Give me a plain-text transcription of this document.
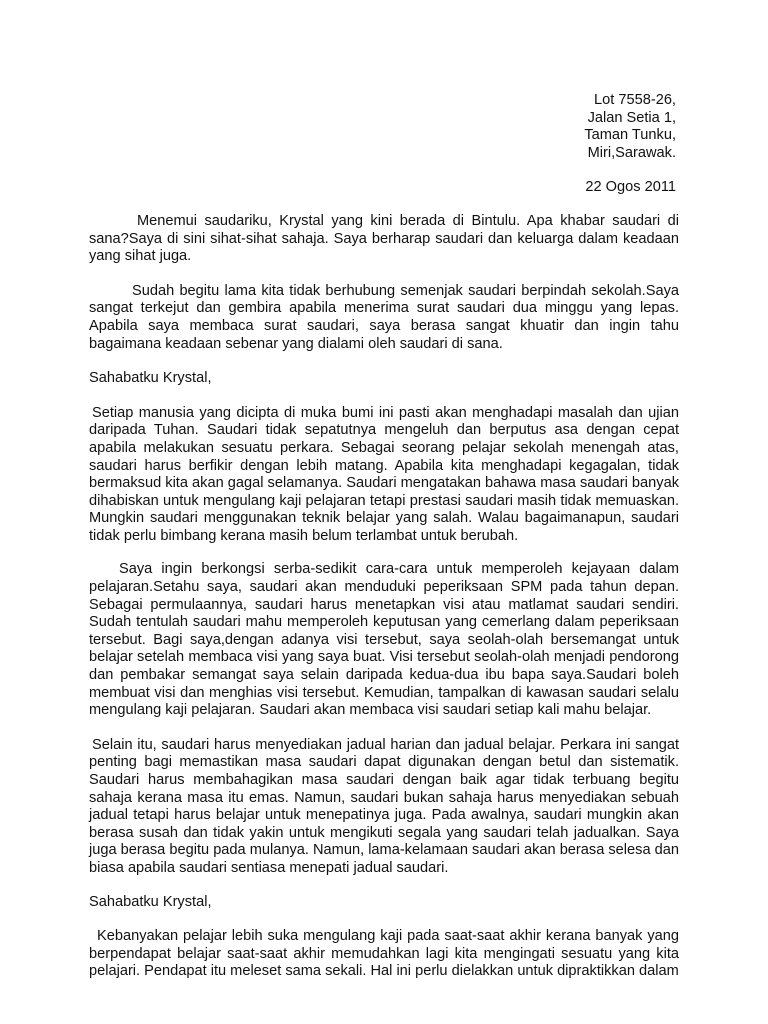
Lot 7558-26,
Jalan Setia 1,
Taman Tunku,
Miri,Sarawak.
22 Ogos 2011

Menemui saudariku, Krystal yang kini berada di Bintulu. Apa khabar saudari di sana?Saya di sini sihat-sihat sahaja. Saya berharap saudari dan keluarga dalam keadaan yang sihat juga.

Sudah begitu lama kita tidak berhubung semenjak saudari berpindah sekolah.Saya sangat terkejut dan gembira apabila menerima surat saudari dua minggu yang lepas. Apabila saya membaca surat saudari, saya berasa sangat khuatir dan ingin tahu bagaimana keadaan sebenar yang dialami oleh saudari di sana.

Sahabatku Krystal,

Setiap manusia yang dicipta di muka bumi ini pasti akan menghadapi masalah dan ujian daripada Tuhan. Saudari tidak sepatutnya mengeluh dan berputus asa dengan cepat apabila melakukan sesuatu perkara. Sebagai seorang pelajar sekolah menengah atas, saudari harus berfikir dengan lebih matang. Apabila kita menghadapi kegagalan, tidak bermaksud kita akan gagal selamanya. Saudari mengatakan bahawa masa saudari banyak dihabiskan untuk mengulang kaji pelajaran tetapi prestasi saudari masih tidak memuaskan. Mungkin saudari menggunakan teknik belajar yang salah. Walau bagaimanapun, saudari tidak perlu bimbang kerana masih belum terlambat untuk berubah.

Saya ingin berkongsi serba-sedikit cara-cara untuk memperoleh kejayaan dalam pelajaran.Setahu saya, saudari akan menduduki peperiksaan SPM pada tahun depan. Sebagai permulaannya, saudari harus menetapkan visi atau matlamat saudari sendiri. Sudah tentulah saudari mahu memperoleh keputusan yang cemerlang dalam peperiksaan tersebut. Bagi saya,dengan adanya visi tersebut, saya seolah-olah bersemangat untuk belajar setelah membaca visi yang saya buat. Visi tersebut seolah-olah menjadi pendorong dan pembakar semangat saya selain daripada kedua-dua ibu bapa saya.Saudari boleh membuat visi dan menghias visi tersebut. Kemudian, tampalkan di kawasan saudari selalu mengulang kaji pelajaran. Saudari akan membaca visi saudari setiap kali mahu belajar.

Selain itu, saudari harus menyediakan jadual harian dan jadual belajar. Perkara ini sangat penting bagi memastikan masa saudari dapat digunakan dengan betul dan sistematik. Saudari harus membahagikan masa saudari dengan baik agar tidak terbuang begitu sahaja kerana masa itu emas. Namun, saudari bukan sahaja harus menyediakan sebuah jadual tetapi harus belajar untuk menepatinya juga. Pada awalnya, saudari mungkin akan berasa susah dan tidak yakin untuk mengikuti segala yang saudari telah jadualkan. Saya juga berasa begitu pada mulanya. Namun, lama-kelamaan saudari akan berasa selesa dan biasa apabila saudari sentiasa menepati jadual saudari.

Sahabatku Krystal,

Kebanyakan pelajar lebih suka mengulang kaji pada saat-saat akhir kerana banyak yang berpendapat belajar saat-saat akhir memudahkan lagi kita mengingati sesuatu yang kita pelajari. Pendapat itu meleset sama sekali. Hal ini perlu dielakkan untuk dipraktikkan dalam
